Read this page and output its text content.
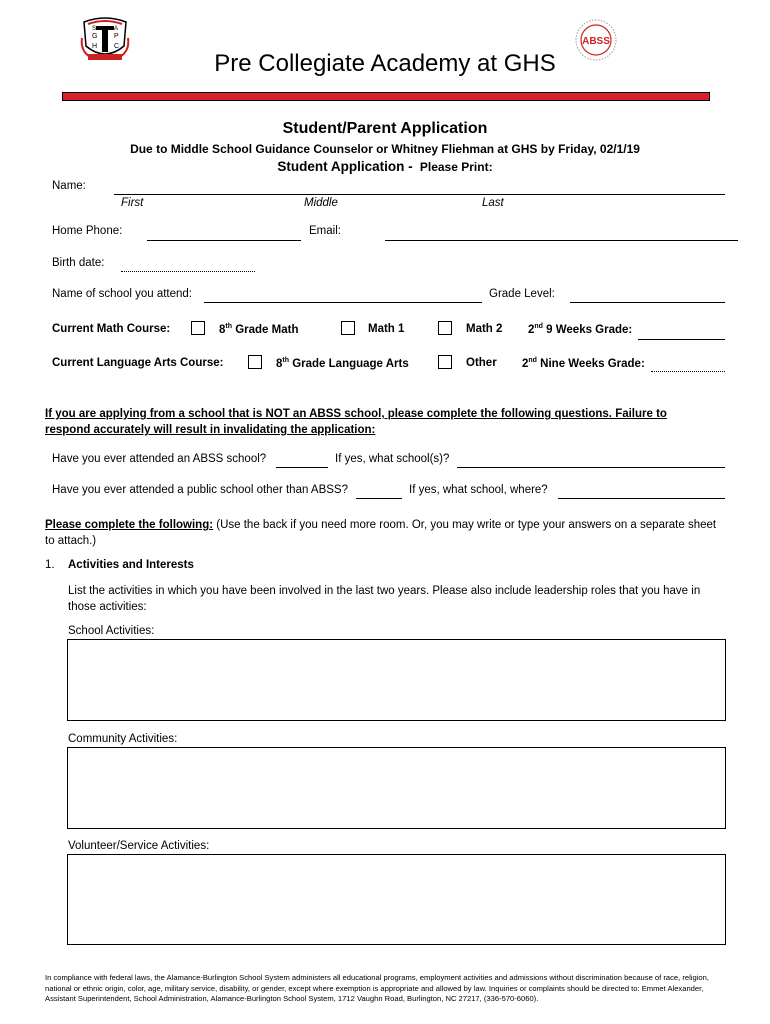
G P
H C
S	A
ABSS
Pre Collegiate Academy at GHS
Student/Parent Application
Due to Middle School Guidance Counselor or Whitney Fliehman at GHS by Friday, 02/1/19
Student Application - Please Print:
Name:
First	Middle	Last
Home Phone:	Email:
Birth date:
Name of school you attend:	Grade Level:
Current Math Course:	8th Grade Math	Math 1	Math 2 2nd 9 Weeks Grade:
Current Language Arts Course:	8th Grade Language Arts	Other 2nd Nine Weeks Grade:
If you are applying from a school that is NOT an ABSS school, please complete the following questions. Failure to respond accurately will result in invalidating the application:
Have you ever attended an ABSS school?	If yes, what school(s)?
Have you ever attended a public school other than ABSS?	If yes, what school, where?
Please complete the following: (Use the back if you need more room. Or, you may write or type your answers on a separate sheet to attach.)
1. Activities and Interests
List the activities in which you have been involved in the last two years. Please also include leadership roles that you have in those activities:
School Activities:
Community Activities:
Volunteer/Service Activities:
In compliance with federal laws, the Alamance-Burlington School System administers all educational programs, employment activities and admissions without discrimination because of race, religion, national or ethnic origin, color, age, military service, disability, or gender, except where exemption is appropriate and allowed by law. Inquiries or complaints should be directed to: Emmet Alexander, Assistant Superintendent, School Administration, Alamance-Burlington School System, 1712 Vaughn Road, Burlington, NC 27217, (336-570-6060).
